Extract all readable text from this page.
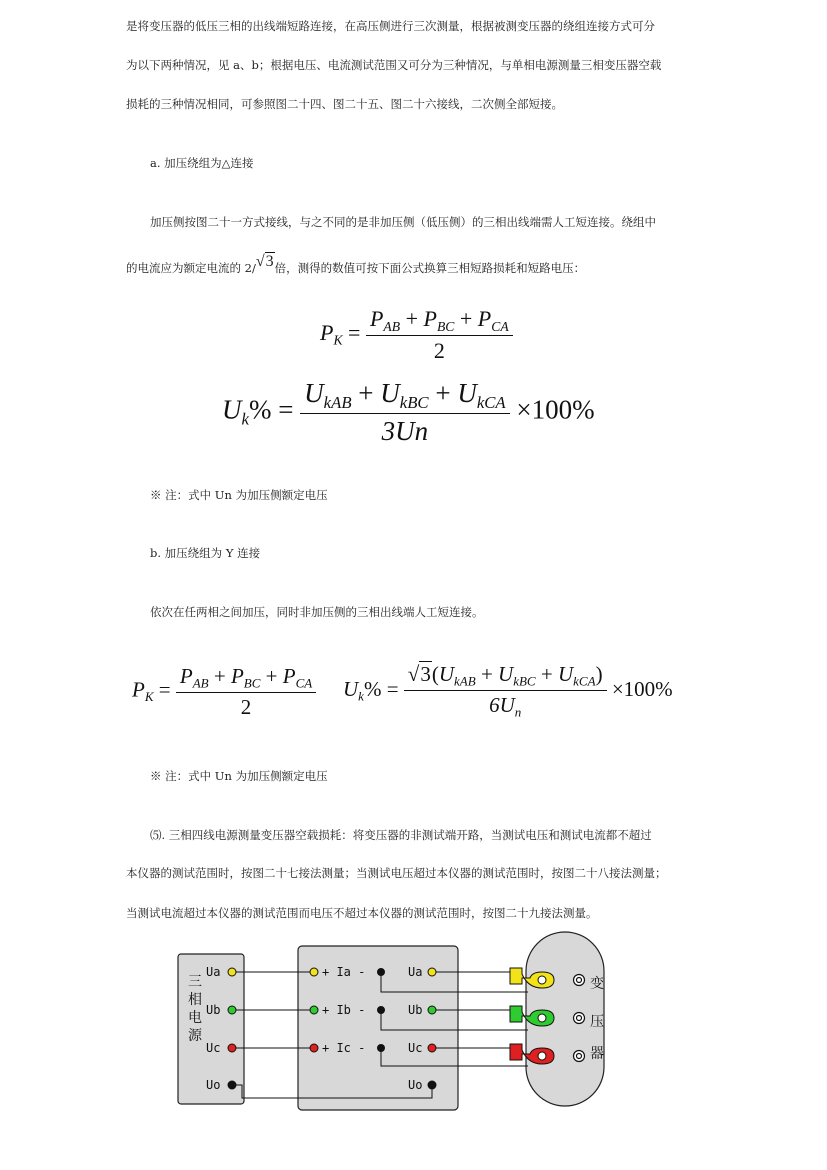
是将变压器的低压三相的出线端短路连接，在高压侧进行三次测量，根据被测变压器的绕组连接方式可分
为以下两种情况，见 a、b；根据电压、电流测试范围又可分为三种情况，与单相电源测量三相变压器空载
损耗的三种情况相同，可参照图二十四、图二十五、图二十六接线，二次侧全部短接。
a. 加压绕组为△连接
加压侧按图二十一方式接线，与之不同的是非加压侧（低压侧）的三相出线端需人工短连接。绕组中
的电流应为额定电流的 2/√3倍，测得的数值可按下面公式换算三相短路损耗和短路电压：
$P_K = \frac{P_{AB} + P_{BC} + P_{CA}}{2}$
$U_k\% = \frac{U_{kAB} + U_{kBC} + U_{kCA}}{3Un} \times 100\%$
※ 注：式中 Un 为加压侧额定电压
b. 加压绕组为 Y 连接
依次在任两相之间加压，同时非加压侧的三相出线端人工短连接。
$P_K = \frac{P_{AB} + P_{BC} + P_{CA}}{2} U_k\% = \frac{√3(U_{kAB} + U_{kBC} + U_{kCA})}{6U_n} \times 100\%$
※ 注：式中 Un 为加压侧额定电压
⑸. 三相四线电源测量变压器空载损耗：将变压器的非测试端开路，当测试电压和测试电流都不超过
本仪器的测试范围时，按图二十七接法测量；当测试电压超过本仪器的测试范围时，按图二十八接法测量；
当测试电流超过本仪器的测试范围而电压不超过本仪器的测试范围时，按图二十九接法测量。
三
相
电
源
Ua
Ub
Uc
Uo
+ Ia -
+ Ib -
+ Ic -
Ua
Ub
Uc
Uo
变
压
器
